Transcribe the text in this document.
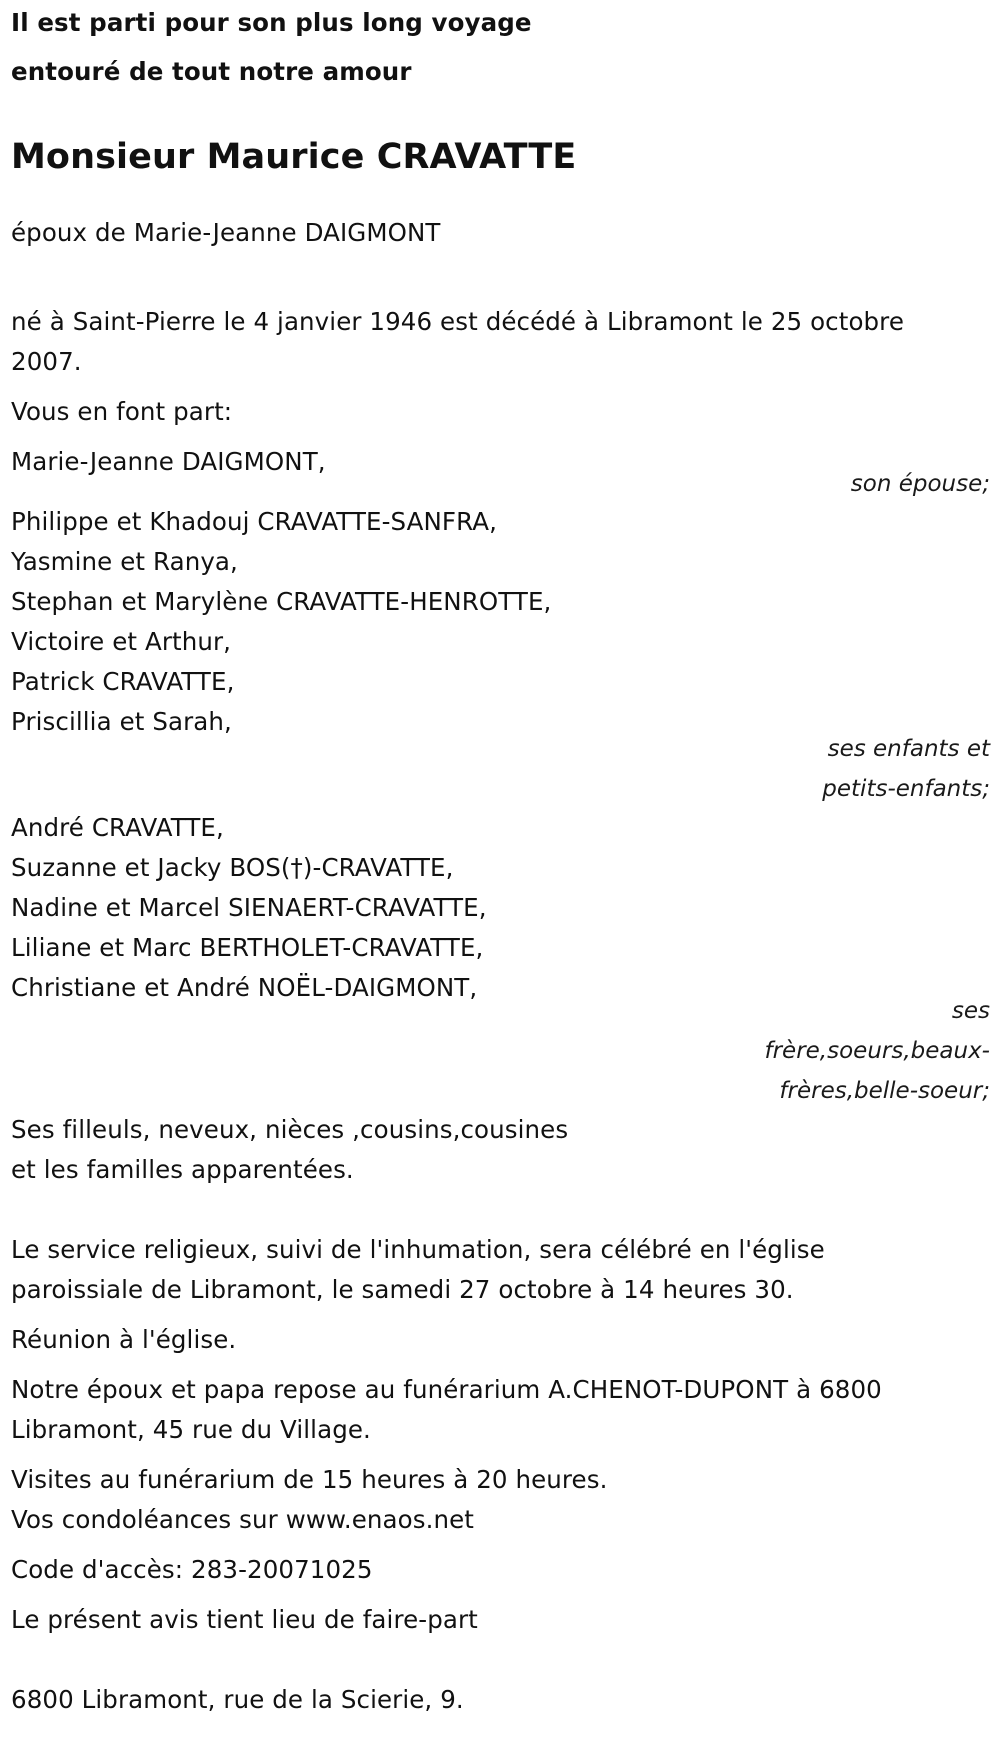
Il est parti pour son plus long voyage
entouré de tout notre amour
Monsieur Maurice CRAVATTE
époux de Marie-Jeanne DAIGMONT
né à Saint-Pierre le 4 janvier 1946 est décédé à Libramont le 25 octobre
2007.
Vous en font part:
Marie-Jeanne DAIGMONT,
son épouse;
Philippe et Khadouj CRAVATTE-SANFRA,
Yasmine et Ranya,
Stephan et Marylène CRAVATTE-HENROTTE,
Victoire et Arthur,
Patrick CRAVATTE,
Priscillia et Sarah,
ses enfants et
petits-enfants;
André CRAVATTE,
Suzanne et Jacky BOS(†)-CRAVATTE,
Nadine et Marcel SIENAERT-CRAVATTE,
Liliane et Marc BERTHOLET-CRAVATTE,
Christiane et André NOËL-DAIGMONT,
ses
frère,soeurs,beaux-
frères,belle-soeur;
Ses filleuls, neveux, nièces ,cousins,cousines
et les familles apparentées.
Le service religieux, suivi de l'inhumation, sera célébré en l'église
paroissiale de Libramont, le samedi 27 octobre à 14 heures 30.
Réunion à l'église.
Notre époux et papa repose au funérarium A.CHENOT-DUPONT à 6800
Libramont, 45 rue du Village.
Visites au funérarium de 15 heures à 20 heures.
Vos condoléances sur www.enaos.net
Code d'accès: 283-20071025
Le présent avis tient lieu de faire-part
6800 Libramont, rue de la Scierie, 9.
